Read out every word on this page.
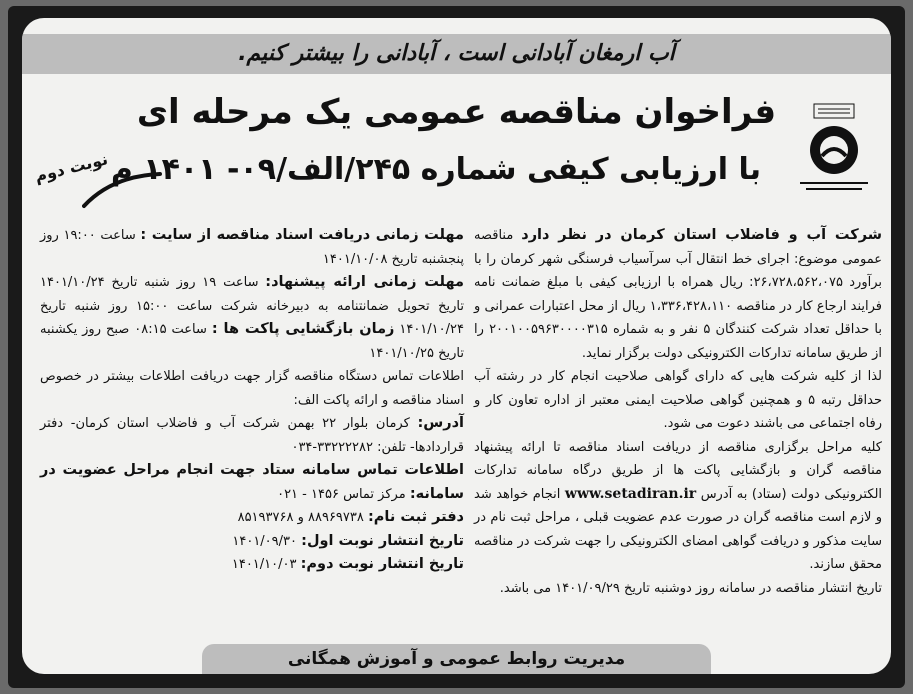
آب ارمغان آبادانی است ، آبادانی را بیشتر کنیم.
فراخوان مناقصه عمومی یک مرحله ای
با ارزیابی کیفی شماره ۲۴۵/الف/۰۹- ۱۴۰۱ م
نوبت دوم

شرکت آب و فاضلاب استان کرمان در نظر دارد مناقصه عمومی موضوع: اجرای خط انتقال آب سرآسیاب فرسنگی شهر کرمان را با برآورد ۲۶،۷۲۸،۵۶۲،۰۷۵: ریال همراه با ارزیابی کیفی با مبلغ ضمانت نامه فرایند ارجاع کار در مناقصه ۱،۳۳۶،۴۲۸،۱۱۰ ریال از محل اعتبارات عمرانی و با حداقل تعداد شرکت کنندگان ۵ نفر و به شماره ۲۰۰۱۰۰۵۹۶۳۰۰۰۰۳۱۵ را از طریق سامانه تدارکات الکترونیکی دولت برگزار نماید.

لذا از کلیه شرکت هایی که دارای گواهی صلاحیت انجام کار در رشته آب حداقل رتبه ۵ و همچنین گواهی صلاحیت ایمنی معتبر از اداره تعاون کار و رفاه اجتماعی می باشند دعوت می شود.

کلیه مراحل برگزاری مناقصه از دریافت اسناد مناقصه تا ارائه پیشنهاد مناقصه گران و بازگشایی پاکت ها از طریق درگاه سامانه تدارکات الکترونیکی دولت (ستاد) به آدرس www.setadiran.ir انجام خواهد شد و لازم است مناقصه گران در صورت عدم عضویت قبلی ، مراحل ثبت نام در سایت مذکور و دریافت گواهی امضای الکترونیکی را جهت شرکت در مناقصه محقق سازند.

تاریخ انتشار مناقصه در سامانه روز دوشنبه تاریخ ۱۴۰۱/۰۹/۲۹ می باشد.

مهلت زمانی دریافت اسناد مناقصه از سایت : ساعت ۱۹:۰۰ روز پنجشنبه تاریخ ۱۴۰۱/۱۰/۰۸

مهلت زمانی ارائه پیشنهاد: ساعت ۱۹ روز شنبه تاریخ ۱۴۰۱/۱۰/۲۴ تاریخ تحویل ضمانتنامه به دبیرخانه شرکت ساعت ۱۵:۰۰ روز شنبه تاریخ ۱۴۰۱/۱۰/۲۴ زمان بازگشایی پاکت ها : ساعت ۰۸:۱۵ صبح روز یکشنبه تاریخ ۱۴۰۱/۱۰/۲۵

اطلاعات تماس دستگاه مناقصه گزار جهت دریافت اطلاعات بیشتر در خصوص اسناد مناقصه و ارائه پاکت الف:

آدرس: کرمان بلوار ۲۲ بهمن شرکت آب و فاضلاب استان کرمان- دفتر قراردادها- تلفن: ۳۳۲۲۲۲۸۲-۰۳۴

اطلاعات تماس سامانه ستاد جهت انجام مراحل عضویت در سامانه: مرکز تماس ۱۴۵۶ - ۰۲۱

دفتر ثبت نام: ۸۸۹۶۹۷۳۸ و ۸۵۱۹۳۷۶۸

تاریخ انتشار نوبت اول: ۱۴۰۱/۰۹/۳۰

تاریخ انتشار نوبت دوم: ۱۴۰۱/۱۰/۰۳

مدیریت روابط عمومی و آموزش همگانی
